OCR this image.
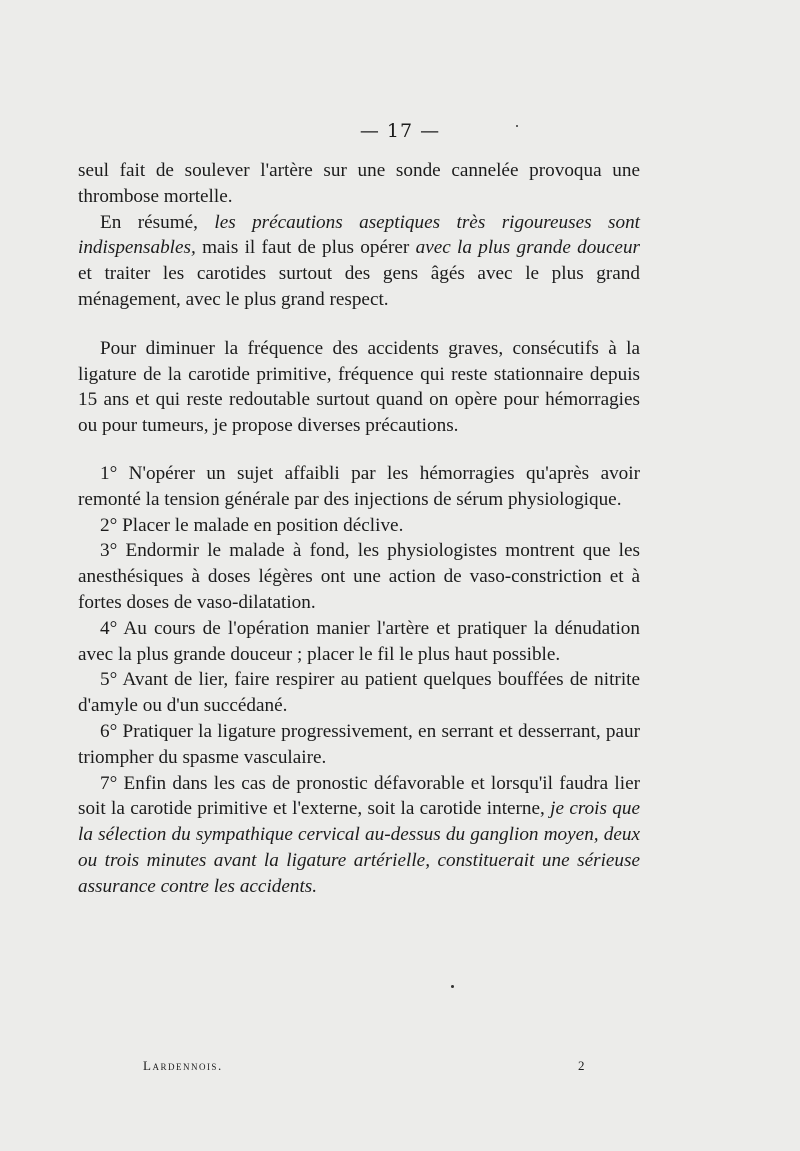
— 17 —

seul fait de soulever l'artère sur une sonde cannelée provoqua une thrombose mortelle.

En résumé, les précautions aseptiques très rigoureuses sont indispensables, mais il faut de plus opérer avec la plus grande douceur et traiter les carotides surtout des gens âgés avec le plus grand ménagement, avec le plus grand respect.

Pour diminuer la fréquence des accidents graves, consécutifs à la ligature de la carotide primitive, fréquence qui reste stationnaire depuis 15 ans et qui reste redoutable surtout quand on opère pour hémorragies ou pour tumeurs, je propose diverses précautions.

1° N'opérer un sujet affaibli par les hémorragies qu'après avoir remonté la tension générale par des injections de sérum physiologique.

2° Placer le malade en position déclive.

3° Endormir le malade à fond, les physiologistes montrent que les anesthésiques à doses légères ont une action de vaso-constriction et à fortes doses de vaso-dilatation.

4° Au cours de l'opération manier l'artère et pratiquer la dénudation avec la plus grande douceur ; placer le fil le plus haut possible.

5° Avant de lier, faire respirer au patient quelques bouffées de nitrite d'amyle ou d'un succédané.

6° Pratiquer la ligature progressivement, en serrant et desserrant, paur triompher du spasme vasculaire.

7° Enfin dans les cas de pronostic défavorable et lorsqu'il faudra lier soit la carotide primitive et l'externe, soit la carotide interne, je crois que la sélection du sympathique cervical au-dessus du ganglion moyen, deux ou trois minutes avant la ligature artérielle, constituerait une sérieuse assurance contre les accidents.

Lardennois.	2
